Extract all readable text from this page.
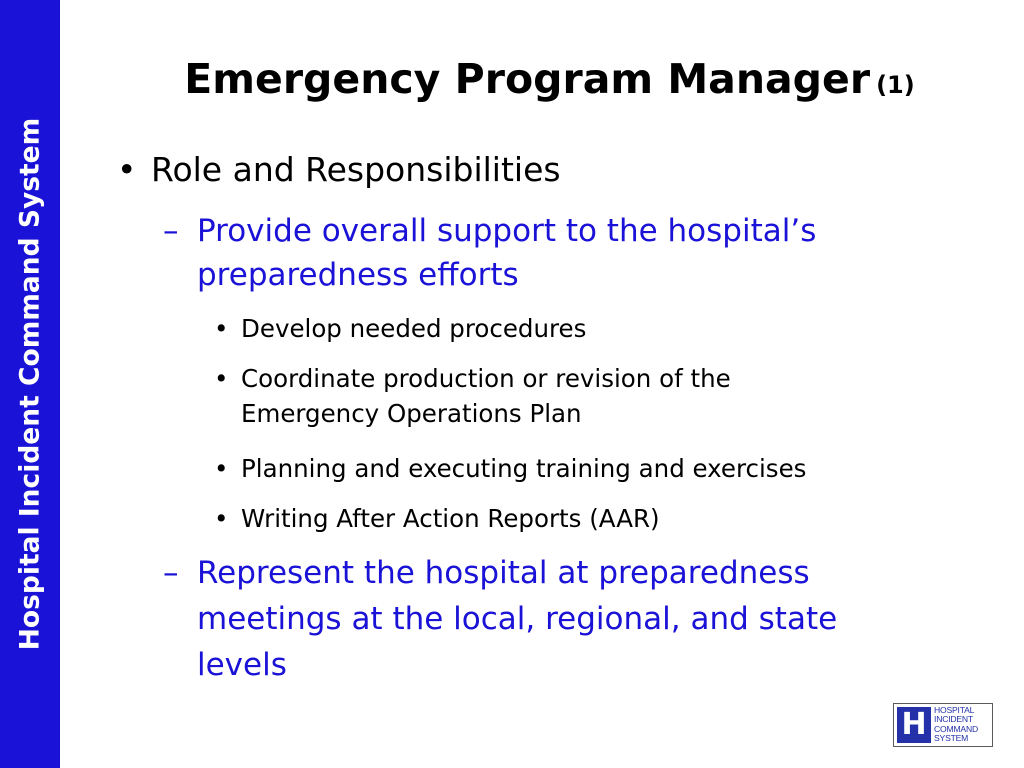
Hospital Incident Command System
Emergency Program Manager (1)
• Role and Responsibilities
– Provide overall support to the hospital’s
preparedness efforts
• Develop needed procedures
• Coordinate production or revision of the
Emergency Operations Plan
• Planning and executing training and exercises
• Writing After Action Reports (AAR)
– Represent the hospital at preparedness
meetings at the local, regional, and state
levels
H HOSPITAL
INCIDENT
COMMAND
SYSTEM
